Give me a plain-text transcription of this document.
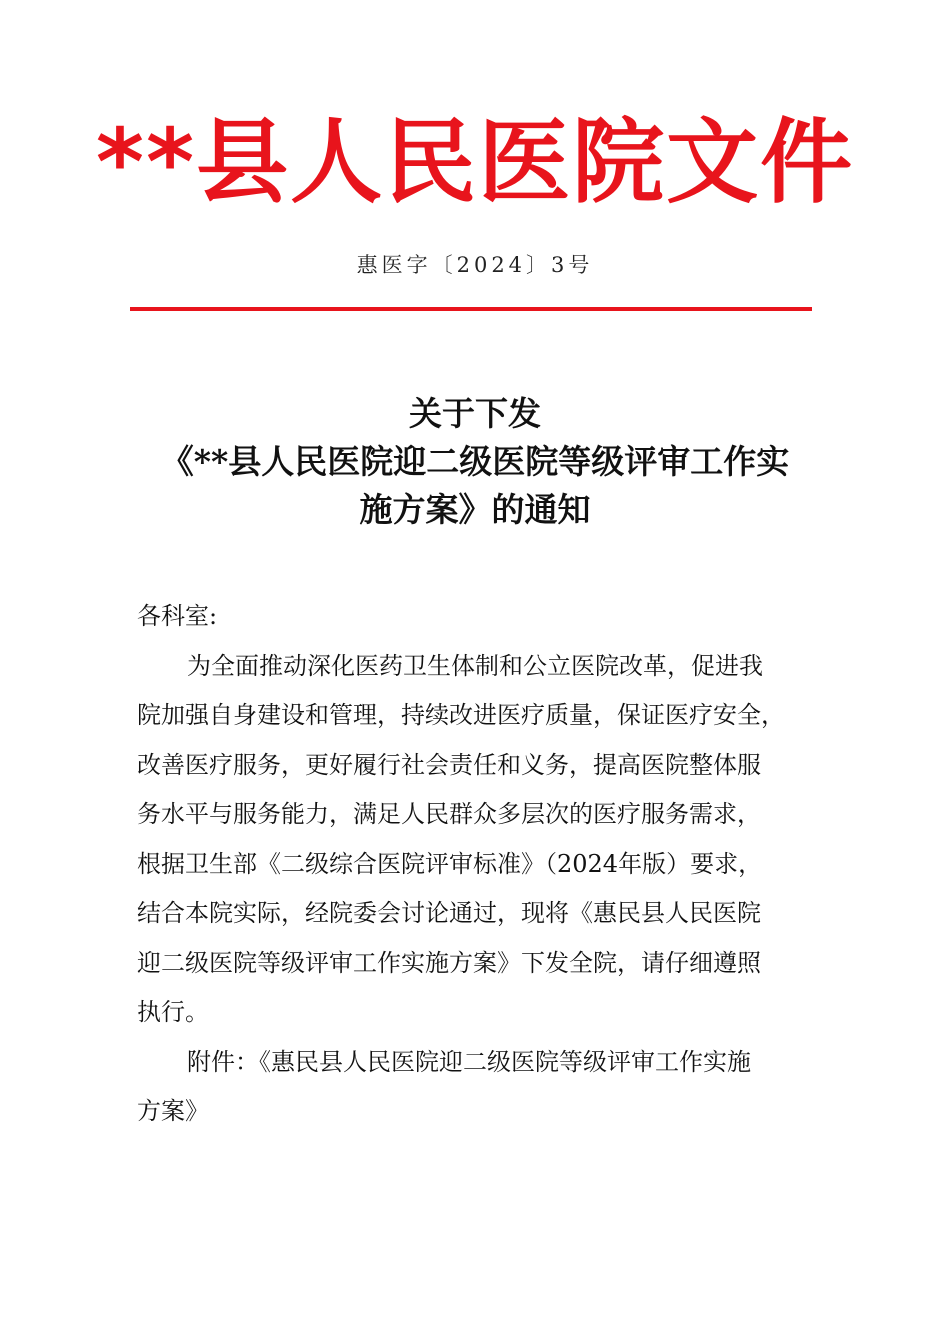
**县人民医院文件
惠医字〔2024〕3号
关于下发
《**县人民医院迎二级医院等级评审工作实
施方案》的通知
各科室:
为全面推动深化医药卫生体制和公立医院改革，促进我
院加强自身建设和管理，持续改进医疗质量，保证医疗安全，
改善医疗服务，更好履行社会责任和义务，提高医院整体服
务水平与服务能力，满足人民群众多层次的医疗服务需求，
根据卫生部《二级综合医院评审标准》（2024年版）要求，
结合本院实际，经院委会讨论通过，现将《惠民县人民医院
迎二级医院等级评审工作实施方案》下发全院，请仔细遵照
执行。
附件：《惠民县人民医院迎二级医院等级评审工作实施
方案》
